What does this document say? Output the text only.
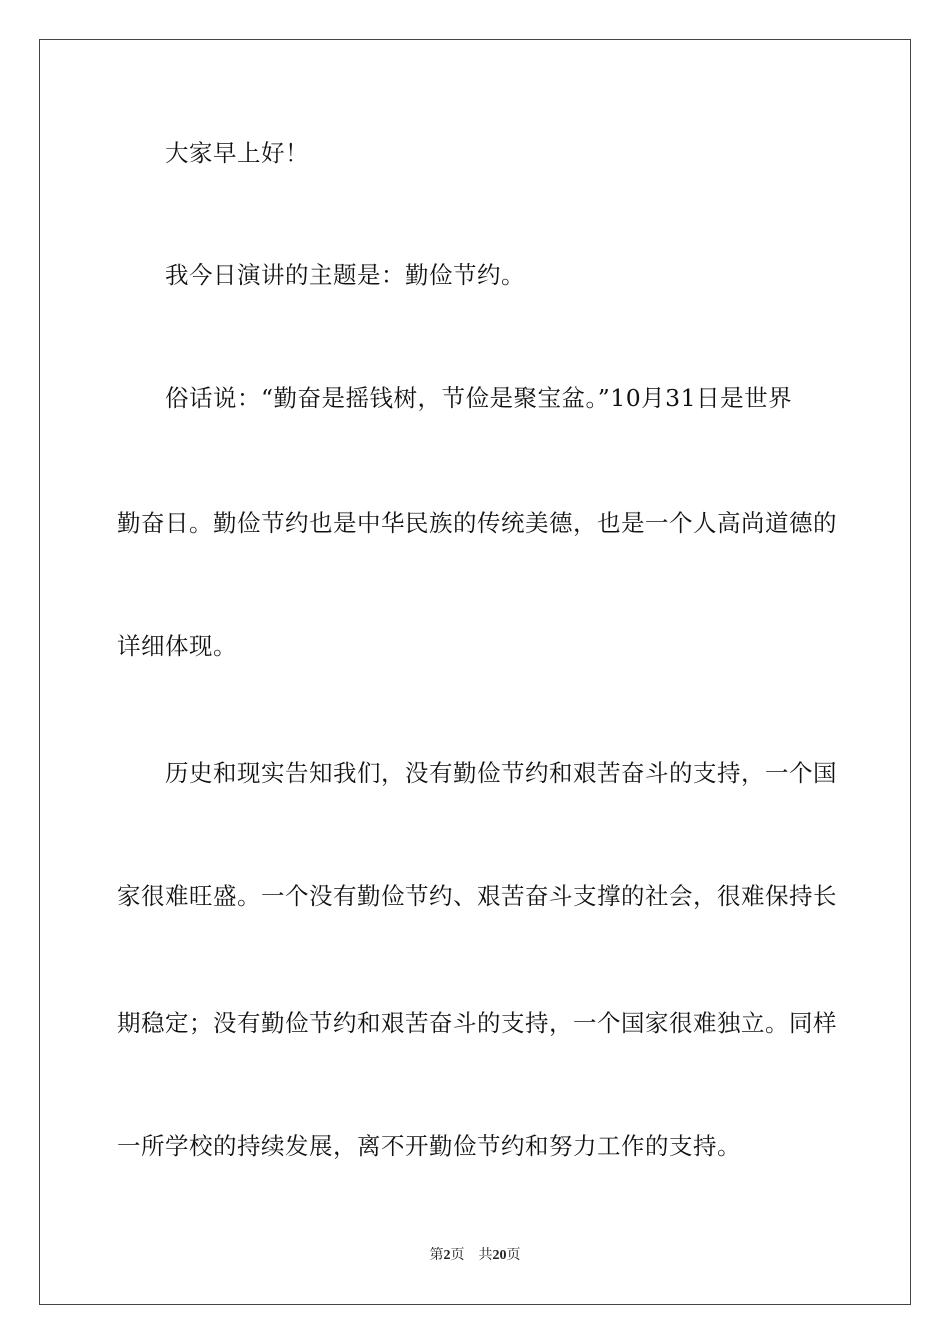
大家早上好！
我今日演讲的主题是：勤俭节约。
俗话说：“勤奋是摇钱树，节俭是聚宝盆。”10月31日是世界
勤奋日。勤俭节约也是中华民族的传统美德，也是一个人高尚道德的
详细体现。
历史和现实告知我们，没有勤俭节约和艰苦奋斗的支持，一个国
家很难旺盛。一个没有勤俭节约、艰苦奋斗支撑的社会，很难保持长
期稳定；没有勤俭节约和艰苦奋斗的支持，一个国家很难独立。同样
一所学校的持续发展，离不开勤俭节约和努力工作的支持。
第2页 共20页
